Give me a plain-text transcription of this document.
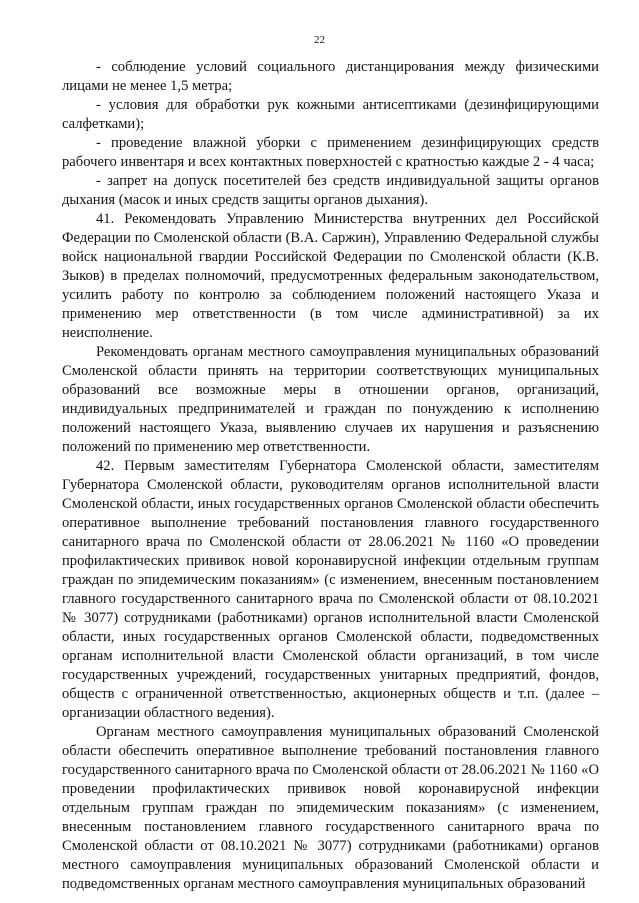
22

- соблюдение условий социального дистанцирования между физическими лицами не менее 1,5 метра;

- условия для обработки рук кожными антисептиками (дезинфицирующими салфетками);

- проведение влажной уборки с применением дезинфицирующих средств рабочего инвентаря и всех контактных поверхностей с кратностью каждые 2 - 4 часа;

- запрет на допуск посетителей без средств индивидуальной защиты органов дыхания (масок и иных средств защиты органов дыхания).

41. Рекомендовать Управлению Министерства внутренних дел Российской Федерации по Смоленской области (В.А. Саржин), Управлению Федеральной службы войск национальной гвардии Российской Федерации по Смоленской области (К.В. Зыков) в пределах полномочий, предусмотренных федеральным законодательством, усилить работу по контролю за соблюдением положений настоящего Указа и применению мер ответственности (в том числе административной) за их неисполнение.

Рекомендовать органам местного самоуправления муниципальных образований Смоленской области принять на территории соответствующих муниципальных образований все возможные меры в отношении органов, организаций, индивидуальных предпринимателей и граждан по понуждению к исполнению положений настоящего Указа, выявлению случаев их нарушения и разъяснению положений по применению мер ответственности.

42. Первым заместителям Губернатора Смоленской области, заместителям Губернатора Смоленской области, руководителям органов исполнительной власти Смоленской области, иных государственных органов Смоленской области обеспечить оперативное выполнение требований постановления главного государственного санитарного врача по Смоленской области от 28.06.2021 № 1160 «О проведении профилактических прививок новой коронавирусной инфекции отдельным группам граждан по эпидемическим показаниям» (с изменением, внесенным постановлением главного государственного санитарного врача по Смоленской области от 08.10.2021 № 3077) сотрудниками (работниками) органов исполнительной власти Смоленской области, иных государственных органов Смоленской области, подведомственных органам исполнительной власти Смоленской области организаций, в том числе государственных учреждений, государственных унитарных предприятий, фондов, обществ с ограниченной ответственностью, акционерных обществ и т.п. (далее – организации областного ведения).

Органам местного самоуправления муниципальных образований Смоленской области обеспечить оперативное выполнение требований постановления главного государственного санитарного врача по Смоленской области от 28.06.2021 № 1160 «О проведении профилактических прививок новой коронавирусной инфекции отдельным группам граждан по эпидемическим показаниям» (с изменением, внесенным постановлением главного государственного санитарного врача по Смоленской области от 08.10.2021 № 3077) сотрудниками (работниками) органов местного самоуправления муниципальных образований Смоленской области и подведомственных органам местного самоуправления муниципальных образований
